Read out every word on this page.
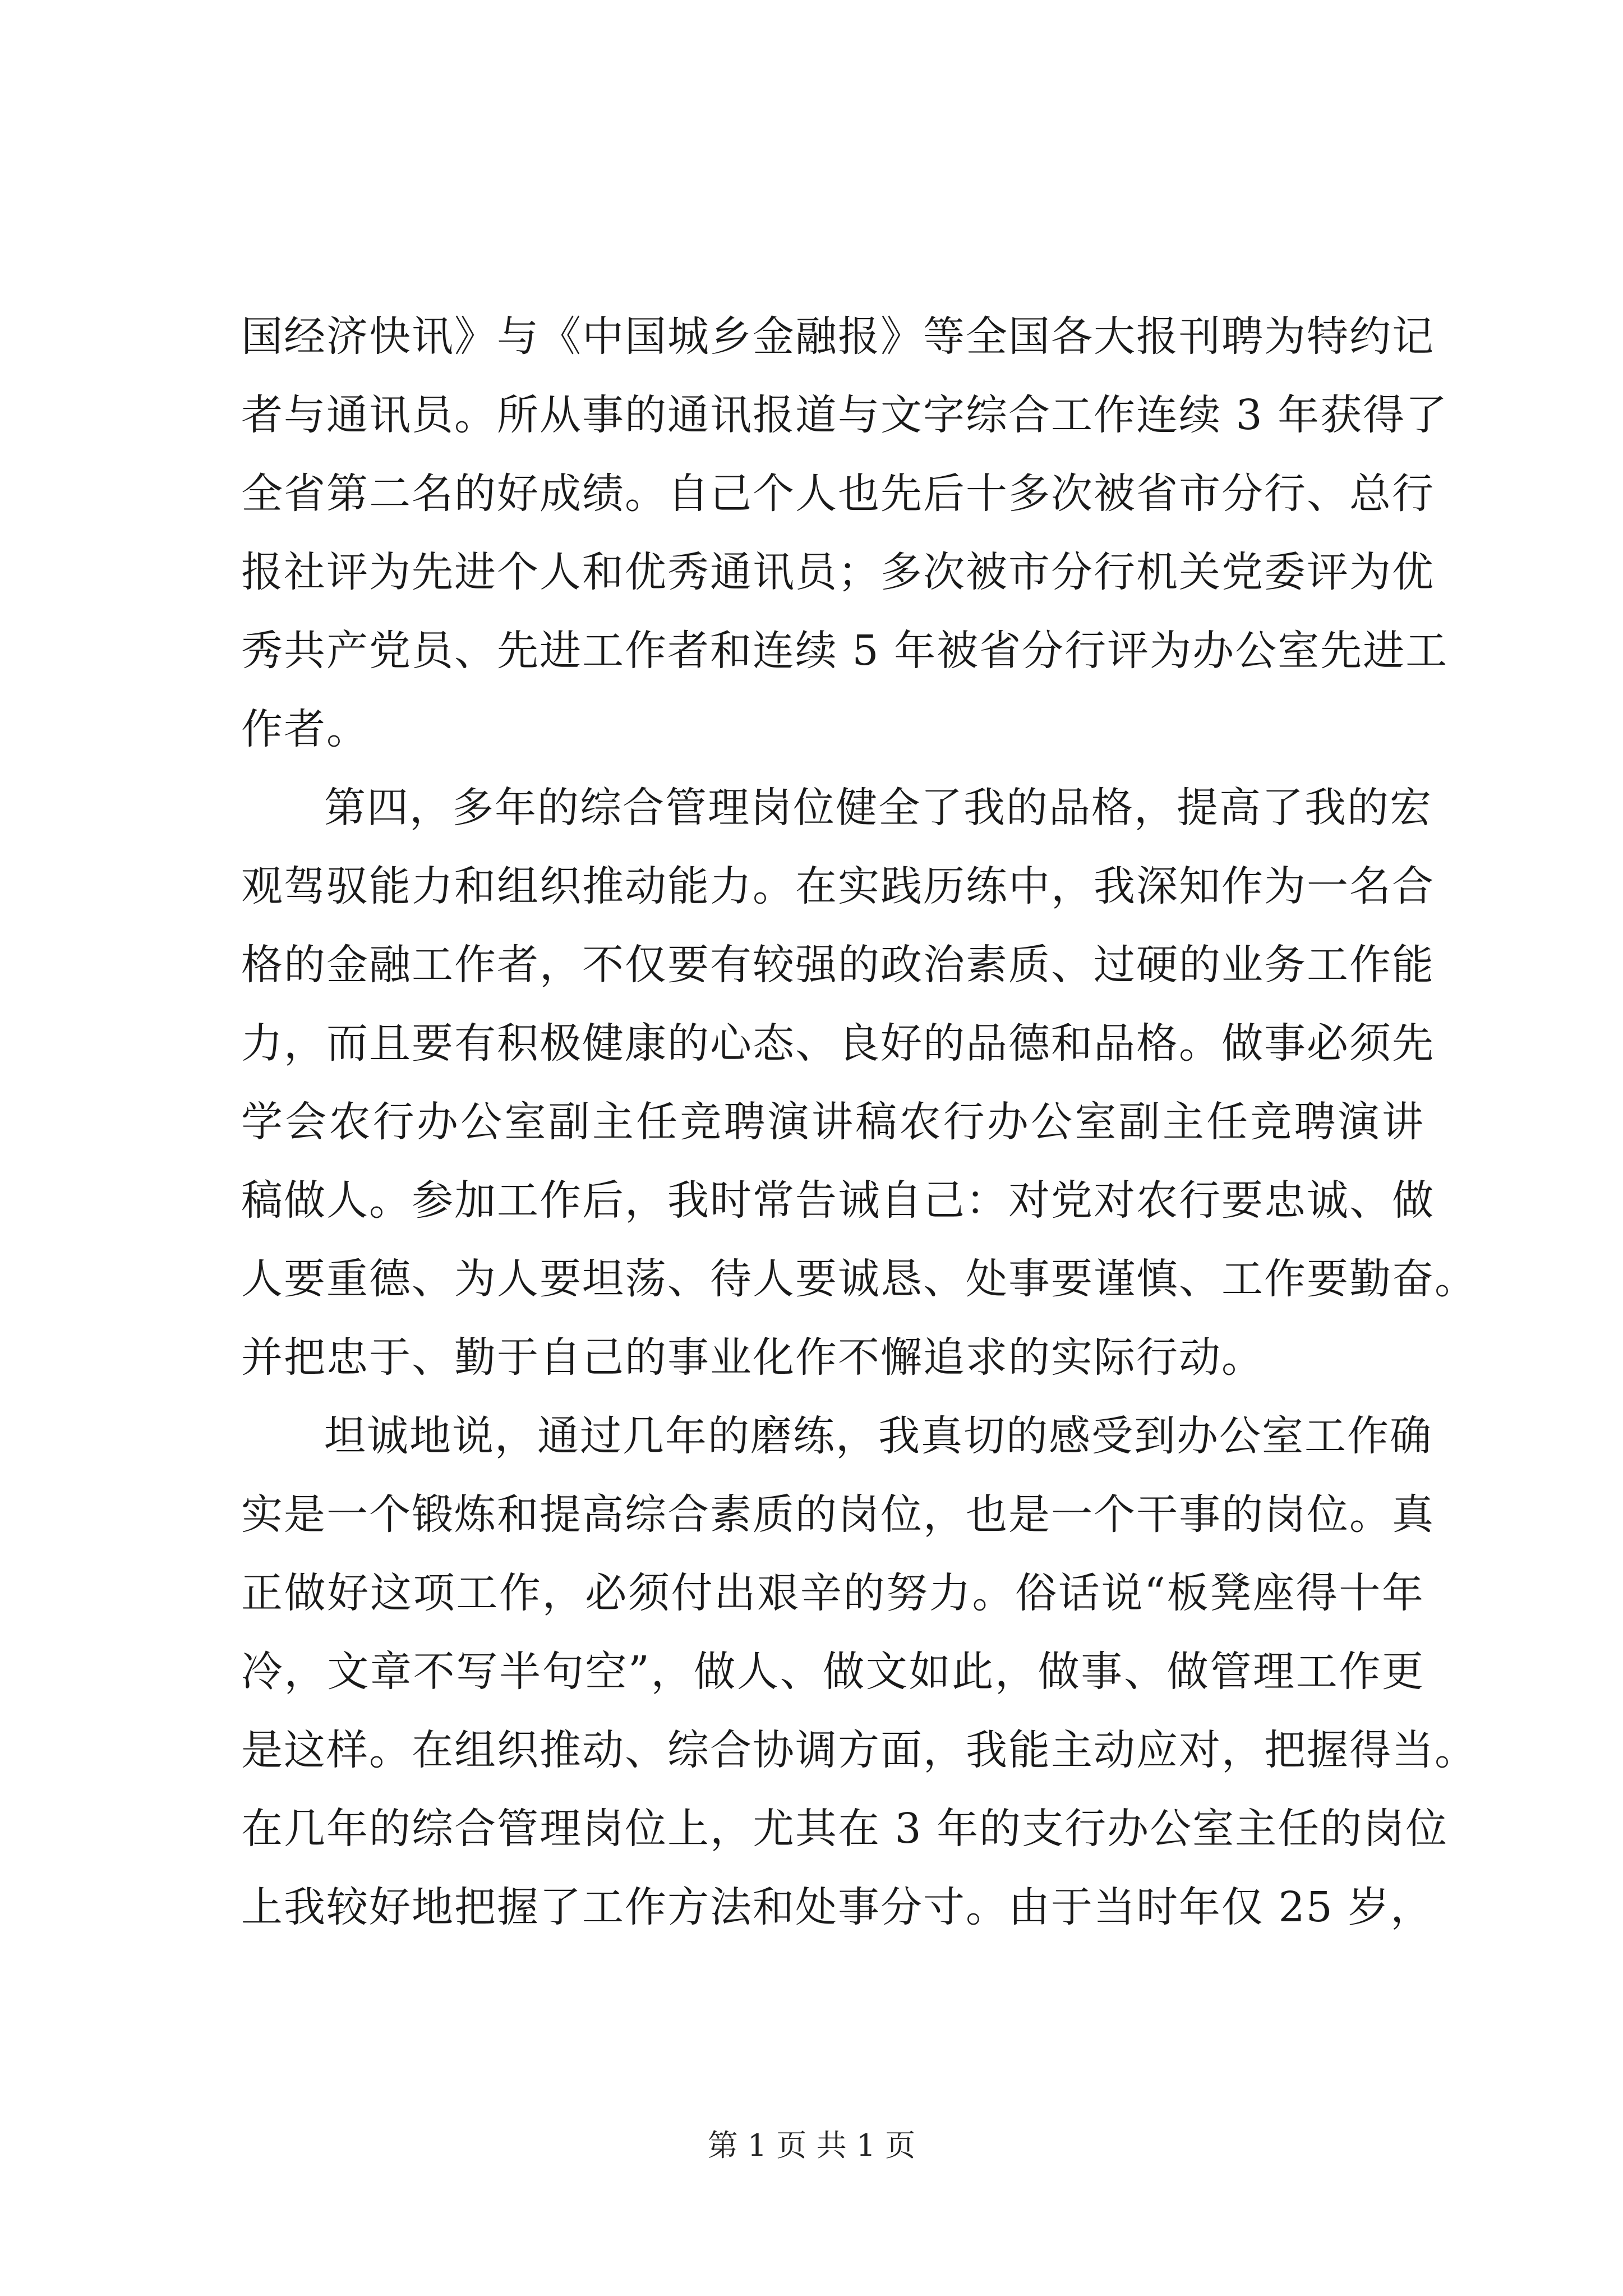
国经济快讯》与《中国城乡金融报》等全国各大报刊聘为特约记
者与通讯员。所从事的通讯报道与文字综合工作连续 3 年获得了
全省第二名的好成绩。自己个人也先后十多次被省市分行、总行
报社评为先进个人和优秀通讯员；多次被市分行机关党委评为优
秀共产党员、先进工作者和连续 5 年被省分行评为办公室先进工
作者。
第四，多年的综合管理岗位健全了我的品格，提高了我的宏
观驾驭能力和组织推动能力。在实践历练中，我深知作为一名合
格的金融工作者，不仅要有较强的政治素质、过硬的业务工作能
力，而且要有积极健康的心态、良好的品德和品格。做事必须先
学会农行办公室副主任竞聘演讲稿农行办公室副主任竞聘演讲
稿做人。参加工作后，我时常告诫自己：对党对农行要忠诚、做
人要重德、为人要坦荡、待人要诚恳、处事要谨慎、工作要勤奋。
并把忠于、勤于自己的事业化作不懈追求的实际行动。
坦诚地说，通过几年的磨练，我真切的感受到办公室工作确
实是一个锻炼和提高综合素质的岗位，也是一个干事的岗位。真
正做好这项工作，必须付出艰辛的努力。俗话说“板凳座得十年
冷，文章不写半句空”，做人、做文如此，做事、做管理工作更
是这样。在组织推动、综合协调方面，我能主动应对，把握得当。
在几年的综合管理岗位上，尤其在 3 年的支行办公室主任的岗位
上我较好地把握了工作方法和处事分寸。由于当时年仅 25 岁，
第 1 页 共 1 页
